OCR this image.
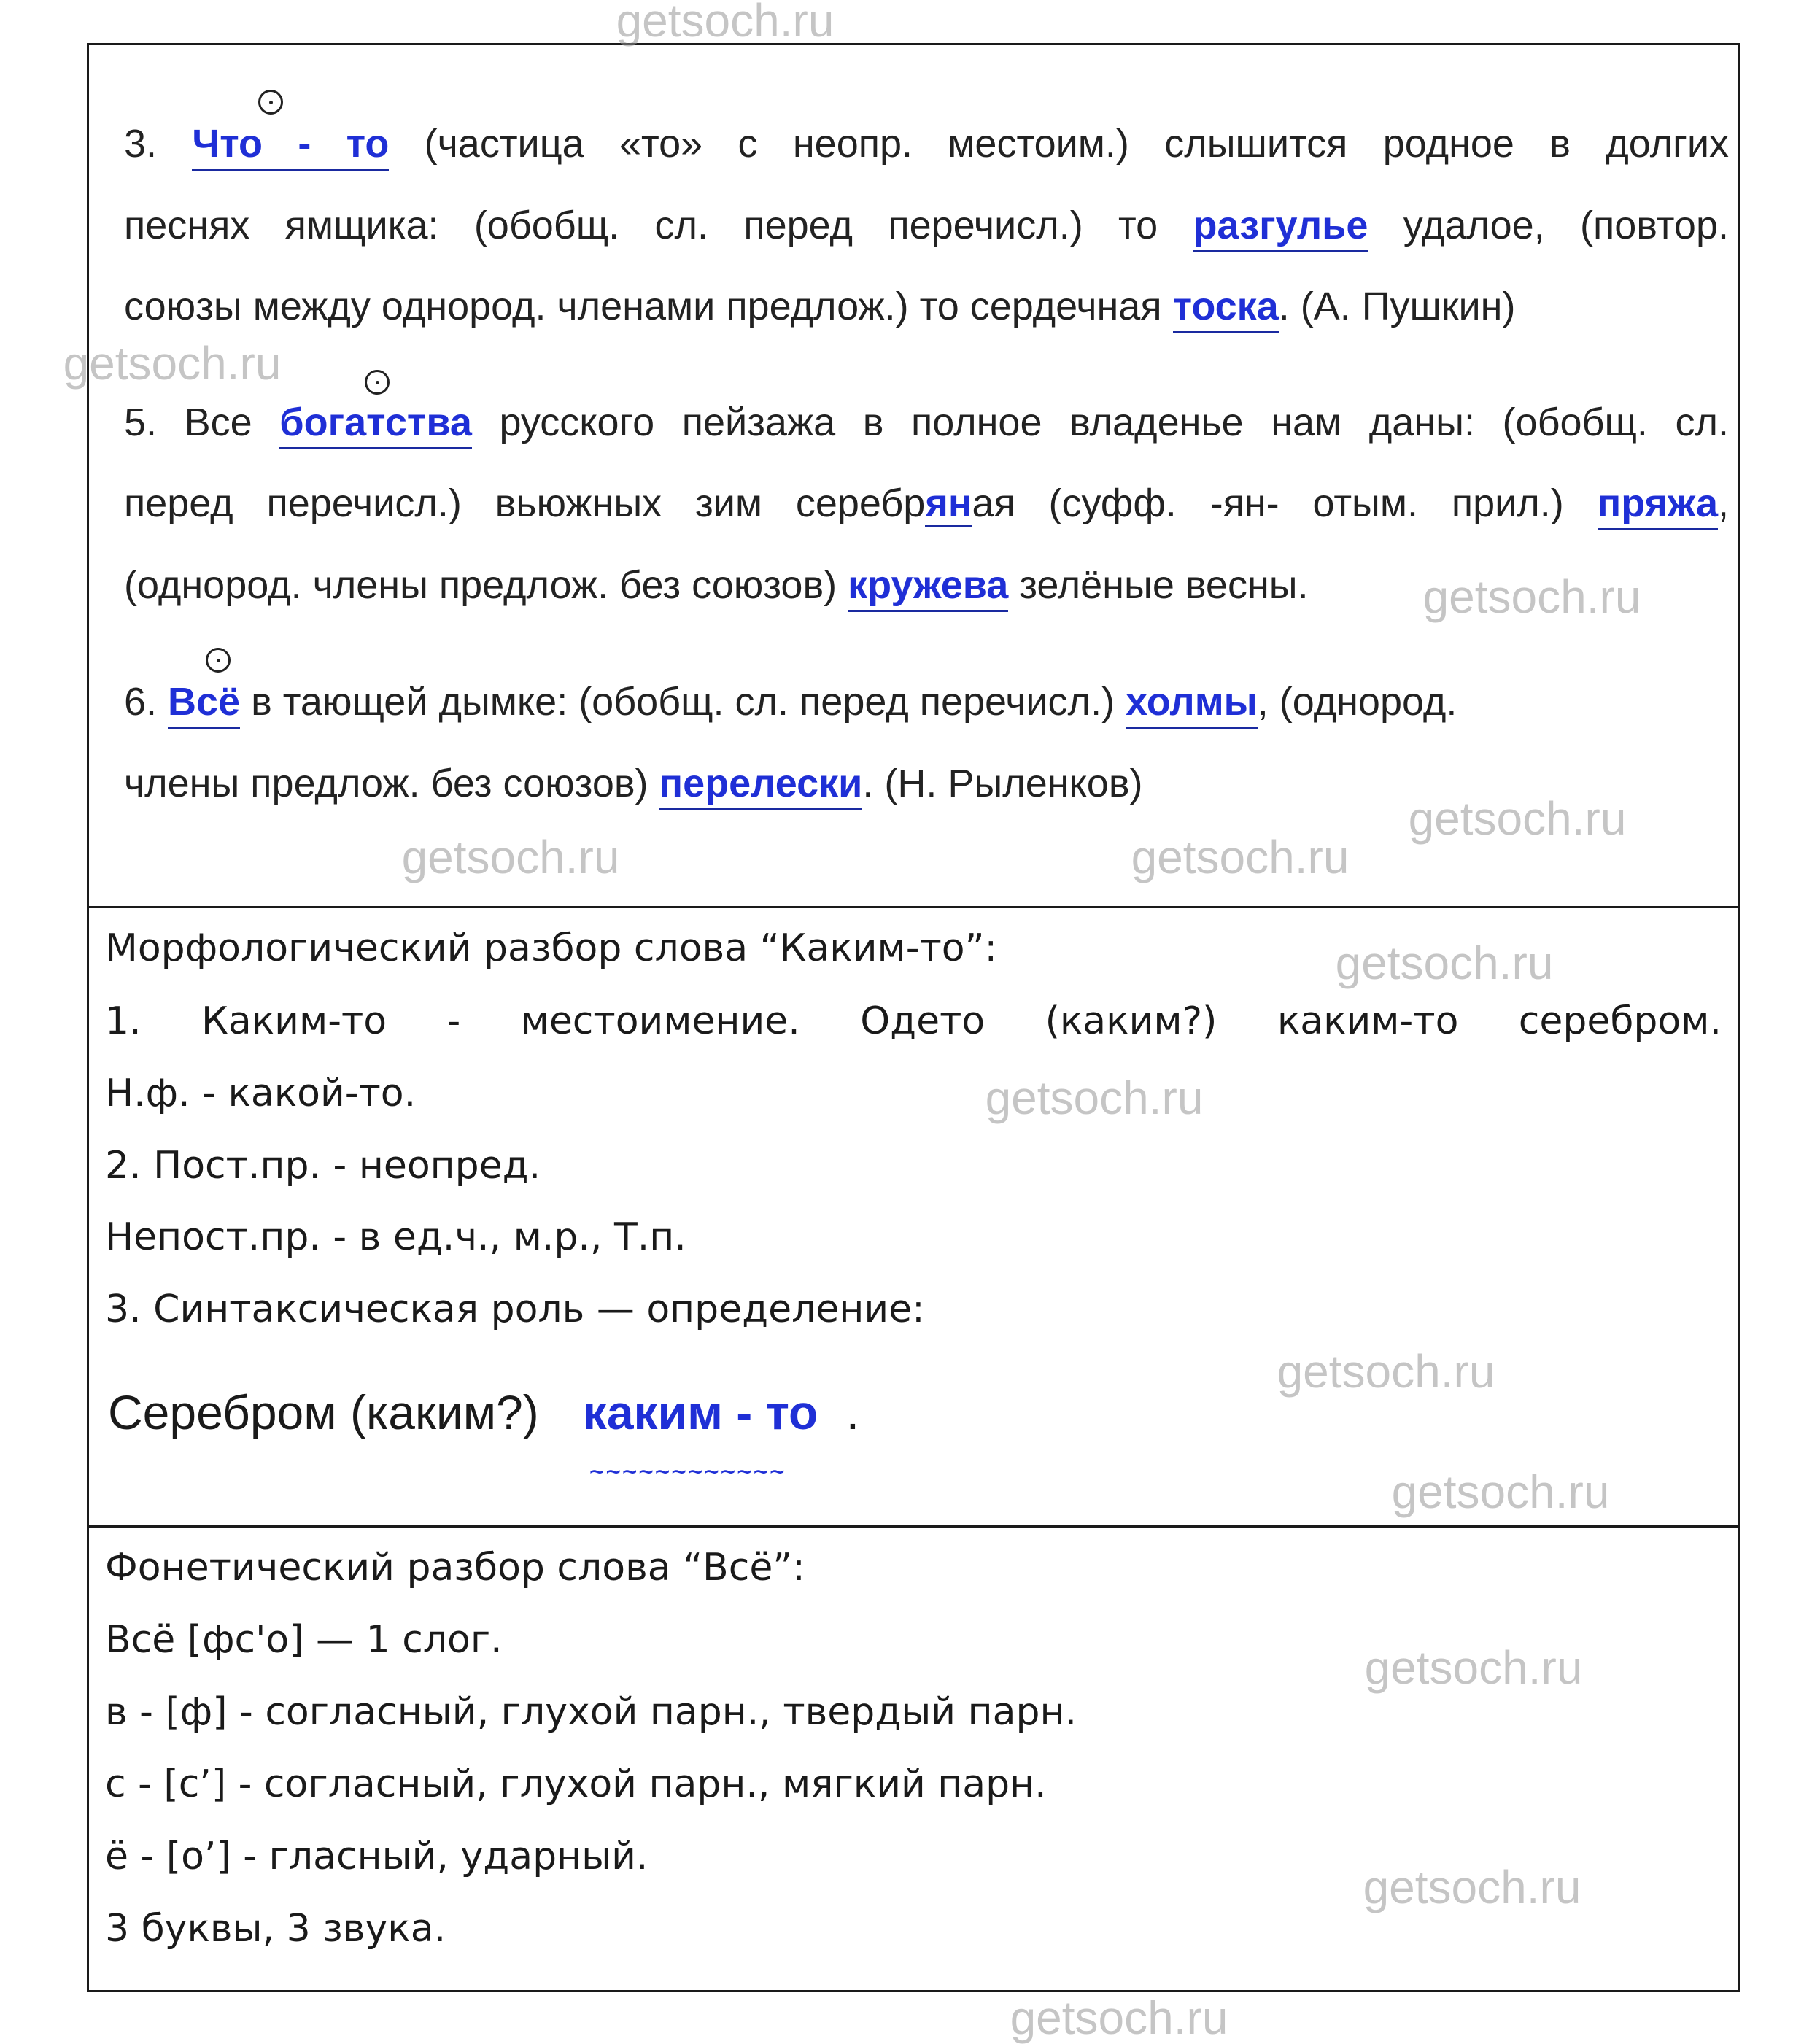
3. Что - то (частица «то» с неопр. местоим.) слышится родное в долгих
песнях ямщика: (обобщ. сл. перед перечисл.) то разгулье удалое, (повтор.
союзы между однород. членами предлож.) то сердечная тоска. (А. Пушкин)
5. Все богатства русского пейзажа в полное владенье нам даны: (обобщ. сл.
перед перечисл.) вьюжных зим серебряная (суфф. -ян- отым. прил.) пряжа,
(однород. члены предлож. без союзов) кружева зелёные весны.
6. Всё в тающей дымке: (обобщ. сл. перед перечисл.) холмы, (однород.
члены предлож. без союзов) перелески. (Н. Рыленков)
Морфологический разбор слова “Каким-то”:
1. Каким-то - местоимение. Одето (каким?) каким-то серебром.
Н.ф. - какой-то.
2. Пост.пр. - неопред.
Непост.пр. - в ед.ч., м.р., Т.п.
3. Синтаксическая роль — определение:
Серебром (каким?) каким - то .
~~~~~~~~~~~~
Фонетический разбор слова “Всё”:
Всё [фс'о] — 1 слог.
в - [ф] - согласный, глухой парн., твердый парн.
с - [с’] - согласный, глухой парн., мягкий парн.
ё - [о’] - гласный, ударный.
3 буквы, 3 звука.
getsoch.ru
getsoch.ru
getsoch.ru
getsoch.ru
getsoch.ru
getsoch.ru
getsoch.ru
getsoch.ru
getsoch.ru
getsoch.ru
getsoch.ru
getsoch.ru
getsoch.ru
